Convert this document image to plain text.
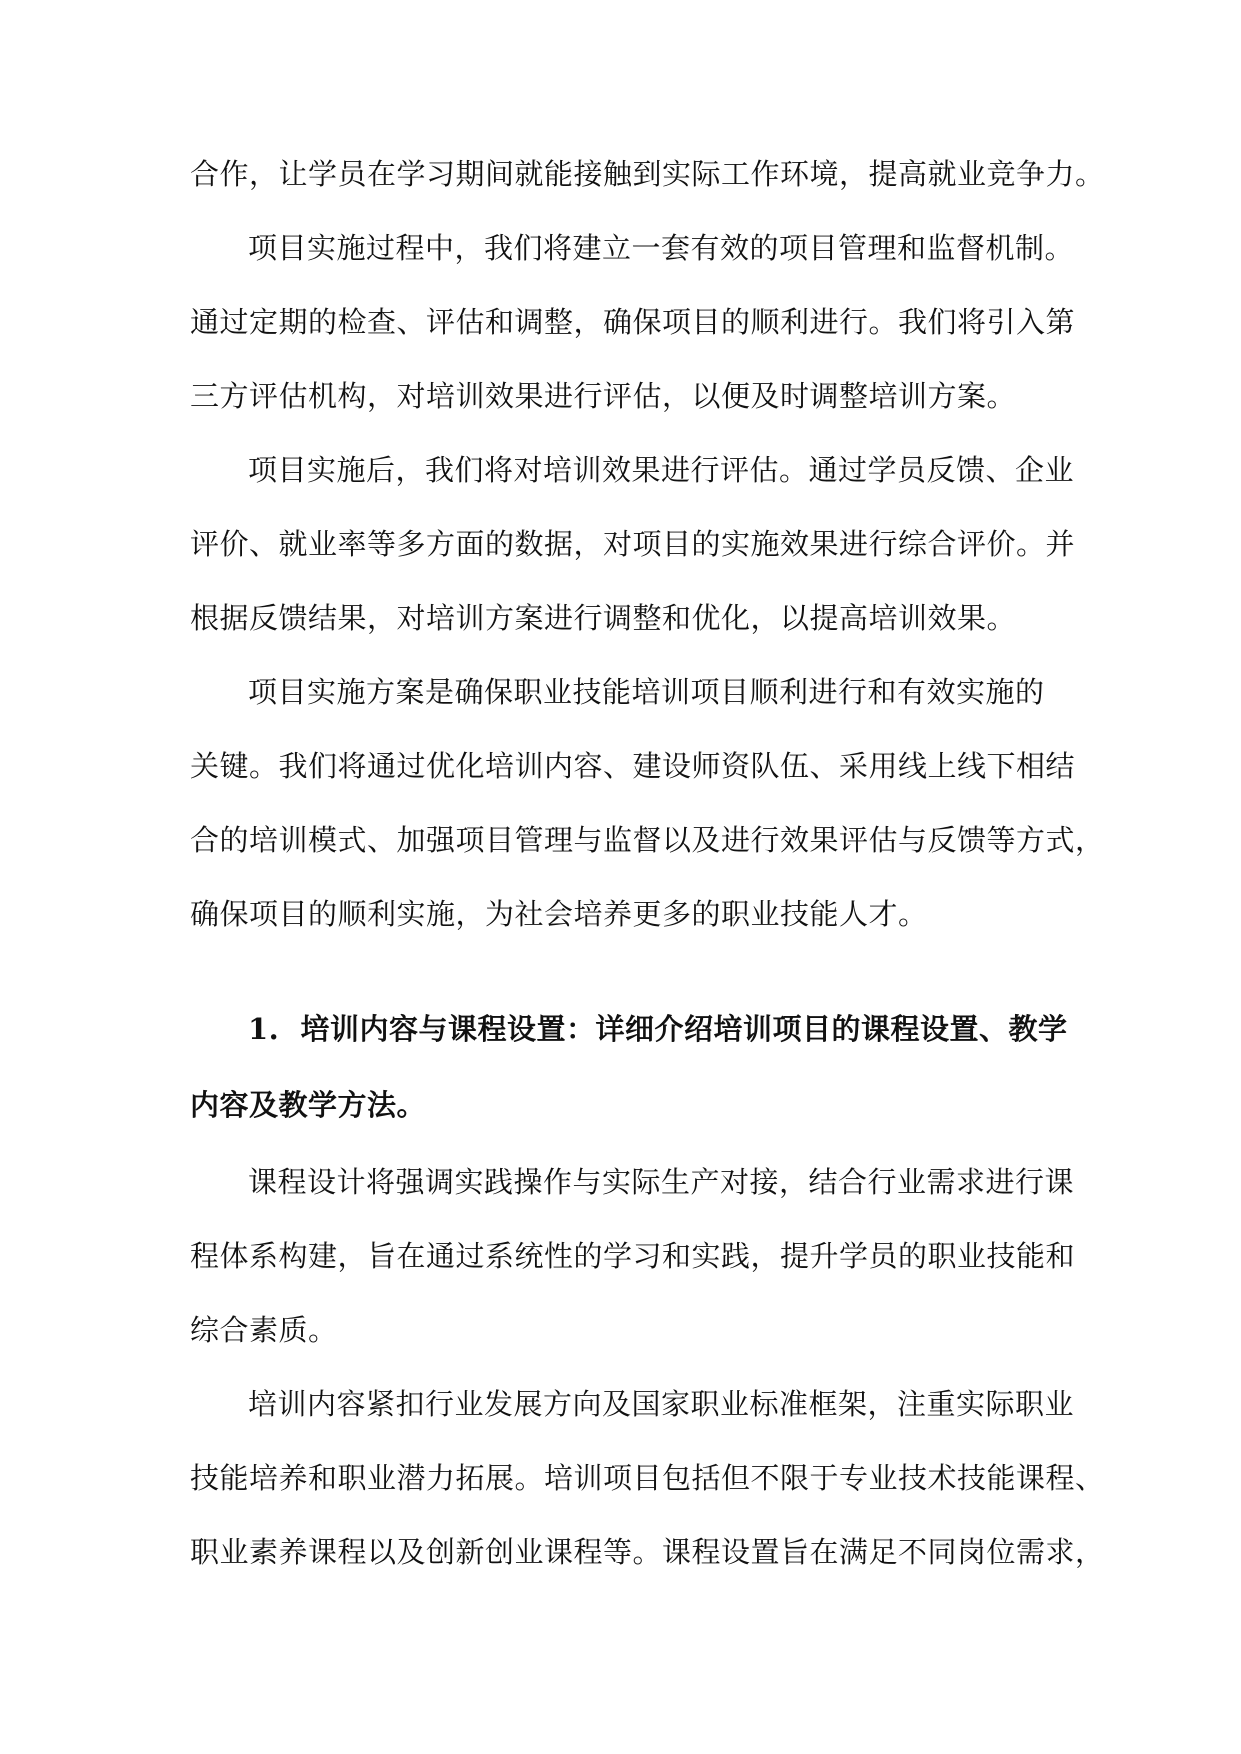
合作，让学员在学习期间就能接触到实际工作环境，提高就业竞争力。
项目实施过程中，我们将建立一套有效的项目管理和监督机制。
通过定期的检查、评估和调整，确保项目的顺利进行。我们将引入第
三方评估机构，对培训效果进行评估，以便及时调整培训方案。
项目实施后，我们将对培训效果进行评估。通过学员反馈、企业
评价、就业率等多方面的数据，对项目的实施效果进行综合评价。并
根据反馈结果，对培训方案进行调整和优化，以提高培训效果。
项目实施方案是确保职业技能培训项目顺利进行和有效实施的
关键。我们将通过优化培训内容、建设师资队伍、采用线上线下相结
合的培训模式、加强项目管理与监督以及进行效果评估与反馈等方式，
确保项目的顺利实施，为社会培养更多的职业技能人才。
1. 培训内容与课程设置：详细介绍培训项目的课程设置、教学
内容及教学方法。
课程设计将强调实践操作与实际生产对接，结合行业需求进行课
程体系构建，旨在通过系统性的学习和实践，提升学员的职业技能和
综合素质。
培训内容紧扣行业发展方向及国家职业标准框架，注重实际职业
技能培养和职业潜力拓展。培训项目包括但不限于专业技术技能课程、
职业素养课程以及创新创业课程等。课程设置旨在满足不同岗位需求，
